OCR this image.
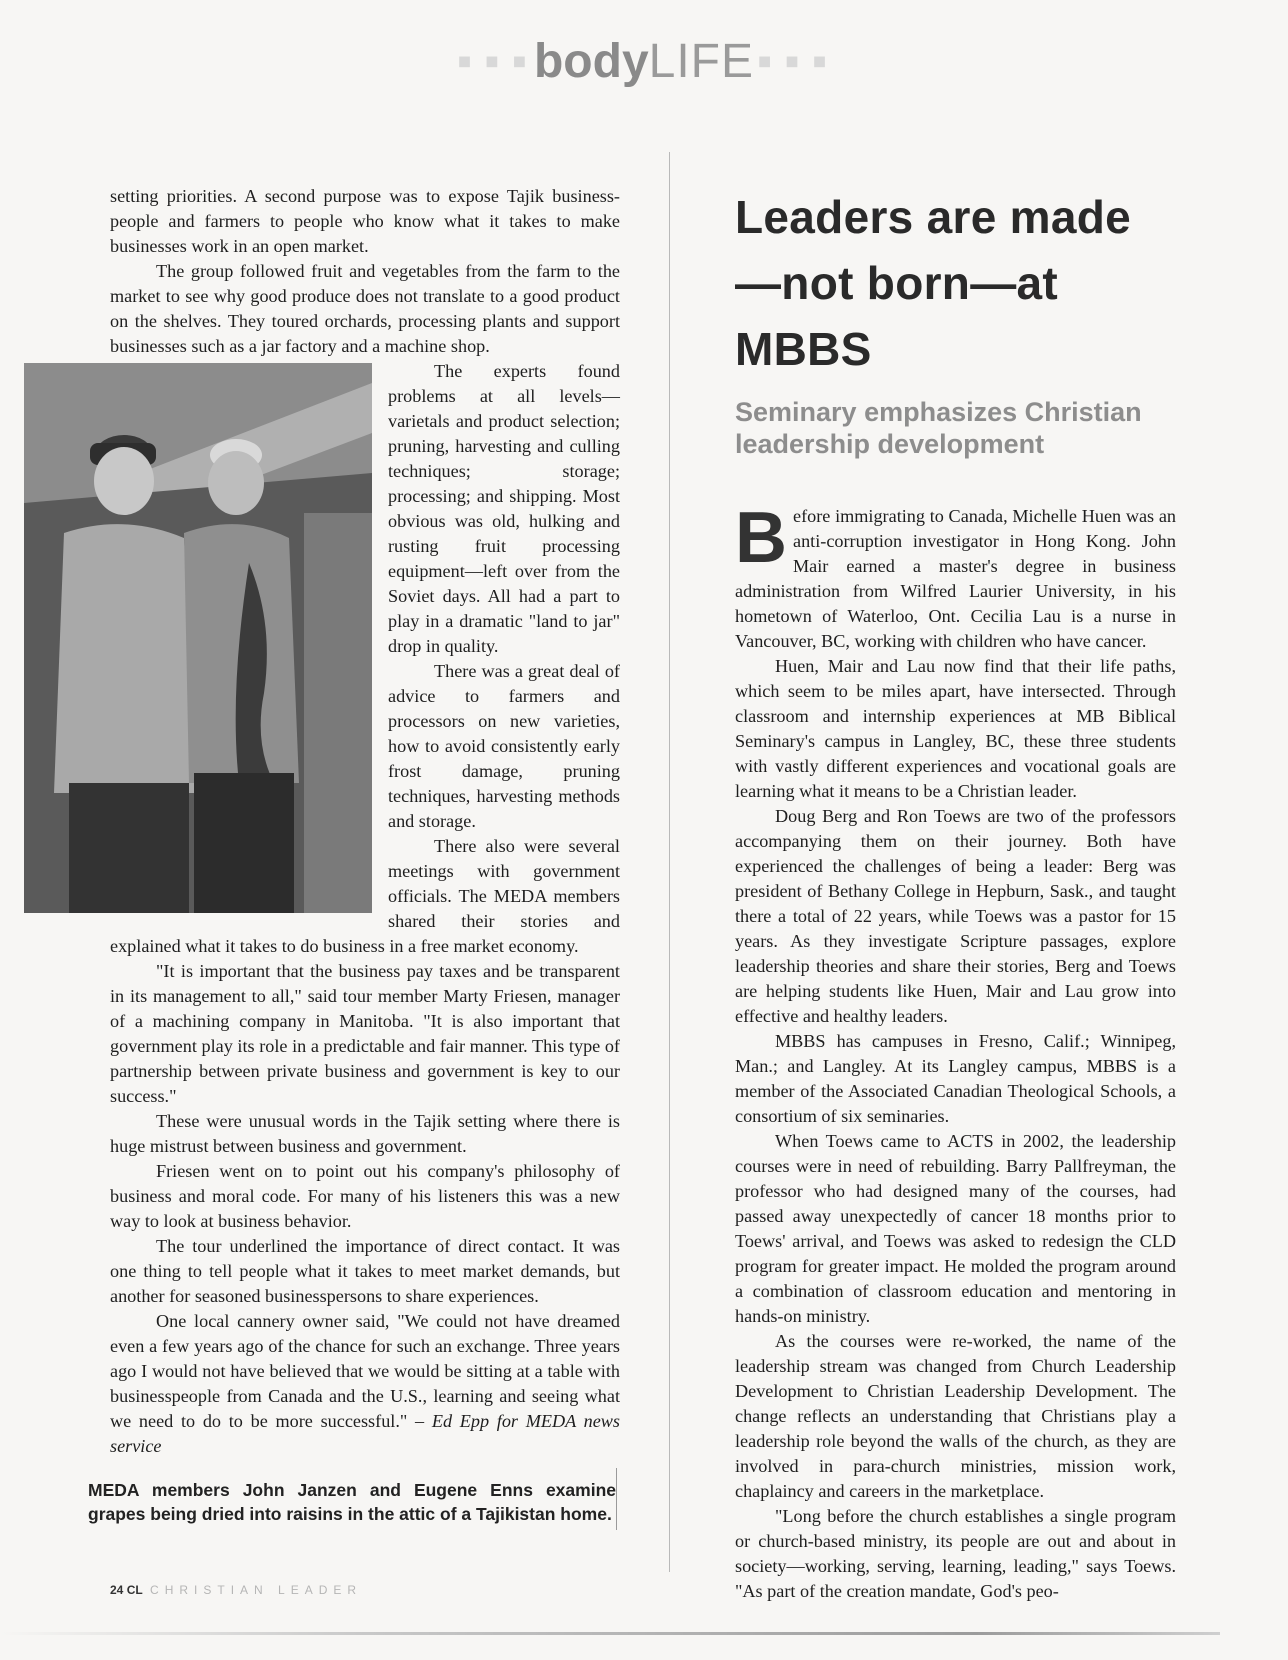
■ ■ ■ bodyLIFE ■ ■ ■

setting priorities. A second purpose was to expose Tajik business-people and farmers to people who know what it takes to make businesses work in an open market.

The group followed fruit and vegetables from the farm to the market to see why good produce does not translate to a good product on the shelves. They toured orchards, processing plants and support businesses such as a jar factory and a machine shop.

The experts found problems at all levels—varietals and product selection; pruning, harvesting and culling techniques; storage; processing; and shipping. Most obvious was old, hulking and rusting fruit processing equipment—left over from the Soviet days. All had a part to play in a dramatic "land to jar" drop in quality.

There was a great deal of advice to farmers and processors on new varieties, how to avoid consistently early frost damage, pruning techniques, harvesting methods and storage.

There also were several meetings with government officials. The MEDA members shared their stories and explained what it takes to do business in a free market economy.

"It is important that the business pay taxes and be transparent in its management to all," said tour member Marty Friesen, manager of a machining company in Manitoba. "It is also important that government play its role in a predictable and fair manner. This type of partnership between private business and government is key to our success."

These were unusual words in the Tajik setting where there is huge mistrust between business and government.

Friesen went on to point out his company's philosophy of business and moral code. For many of his listeners this was a new way to look at business behavior.

The tour underlined the importance of direct contact. It was one thing to tell people what it takes to meet market demands, but another for seasoned businesspersons to share experiences.

One local cannery owner said, "We could not have dreamed even a few years ago of the chance for such an exchange. Three years ago I would not have believed that we would be sitting at a table with businesspeople from Canada and the U.S., learning and seeing what we need to do to be more successful." – Ed Epp for MEDA news service

MEDA members John Janzen and Eugene Enns examine grapes being dried into raisins in the attic of a Tajikistan home.
Leaders are made—not born—at MBBS
Seminary emphasizes Christian leadership development

Before immigrating to Canada, Michelle Huen was an anti-corruption investigator in Hong Kong. John Mair earned a master's degree in business administration from Wilfred Laurier University, in his hometown of Waterloo, Ont. Cecilia Lau is a nurse in Vancouver, BC, working with children who have cancer.

Huen, Mair and Lau now find that their life paths, which seem to be miles apart, have intersected. Through classroom and internship experiences at MB Biblical Seminary's campus in Langley, BC, these three students with vastly different experiences and vocational goals are learning what it means to be a Christian leader.

Doug Berg and Ron Toews are two of the professors accompanying them on their journey. Both have experienced the challenges of being a leader: Berg was president of Bethany College in Hepburn, Sask., and taught there a total of 22 years, while Toews was a pastor for 15 years. As they investigate Scripture passages, explore leadership theories and share their stories, Berg and Toews are helping students like Huen, Mair and Lau grow into effective and healthy leaders.

MBBS has campuses in Fresno, Calif.; Winnipeg, Man.; and Langley. At its Langley campus, MBBS is a member of the Associated Canadian Theological Schools, a consortium of six seminaries.

When Toews came to ACTS in 2002, the leadership courses were in need of rebuilding. Barry Pallfreyman, the professor who had designed many of the courses, had passed away unexpectedly of cancer 18 months prior to Toews' arrival, and Toews was asked to redesign the CLD program for greater impact. He molded the program around a combination of classroom education and mentoring in hands-on ministry.

As the courses were re-worked, the name of the leadership stream was changed from Church Leadership Development to Christian Leadership Development. The change reflects an understanding that Christians play a leadership role beyond the walls of the church, as they are involved in para-church ministries, mission work, chaplaincy and careers in the marketplace.

"Long before the church establishes a single program or church-based ministry, its people are out and about in society—working, serving, learning, leading," says Toews. "As part of the creation mandate, God's peo-

24 CL CHRISTIAN LEADER
